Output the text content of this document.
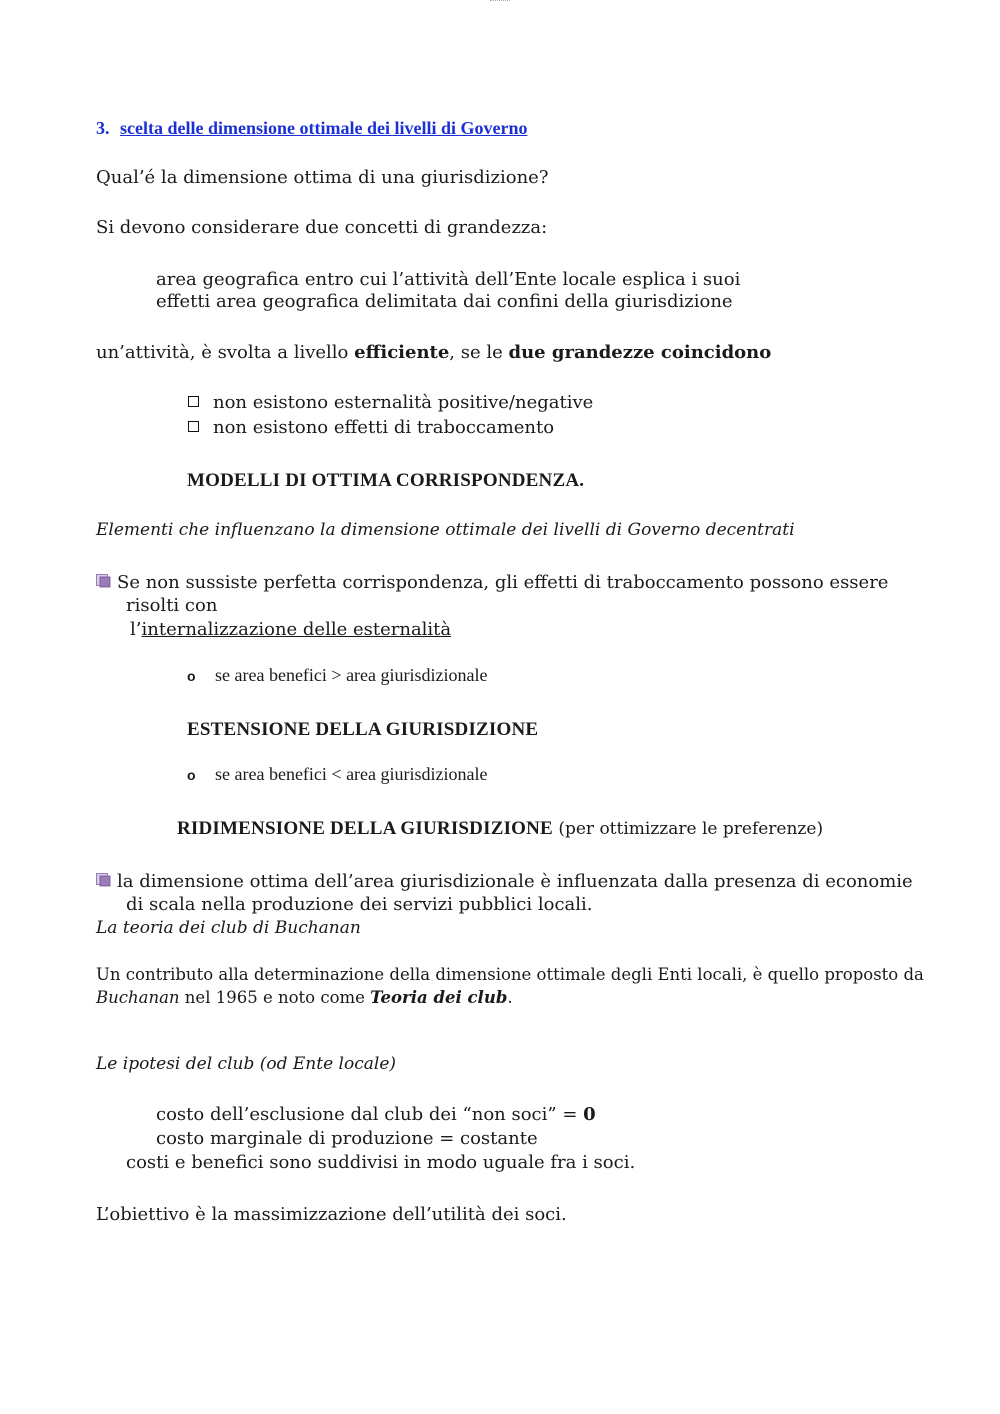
3. scelta delle dimensione ottimale dei livelli di Governo
Qual’é la dimensione ottima di una giurisdizione?
Si devono considerare due concetti di grandezza:
area geografica entro cui l’attività dell’Ente locale esplica i suoi
effetti area geografica delimitata dai confini della giurisdizione
un’attività, è svolta a livello efficiente, se le due grandezze coincidono
non esistono esternalità positive/negative
non esistono effetti di traboccamento
MODELLI DI OTTIMA CORRISPONDENZA.
Elementi che influenzano la dimensione ottimale dei livelli di Governo decentrati
Se non sussiste perfetta corrispondenza, gli effetti di traboccamento possono essere
risolti con
l’internalizzazione delle esternalità
o se area benefici > area giurisdizionale
ESTENSIONE DELLA GIURISDIZIONE
o se area benefici < area giurisdizionale
RIDIMENSIONE DELLA GIURISDIZIONE (per ottimizzare le preferenze)
la dimensione ottima dell’area giurisdizionale è influenzata dalla presenza di economie
di scala nella produzione dei servizi pubblici locali.
La teoria dei club di Buchanan
Un contributo alla determinazione della dimensione ottimale degli Enti locali, è quello proposto da
Buchanan nel 1965 e noto come Teoria dei club.
Le ipotesi del club (od Ente locale)
costo dell’esclusione dal club dei “non soci” = 0
costo marginale di produzione = costante
costi e benefici sono suddivisi in modo uguale fra i soci.
L’obiettivo è la massimizzazione dell’utilità dei soci.
